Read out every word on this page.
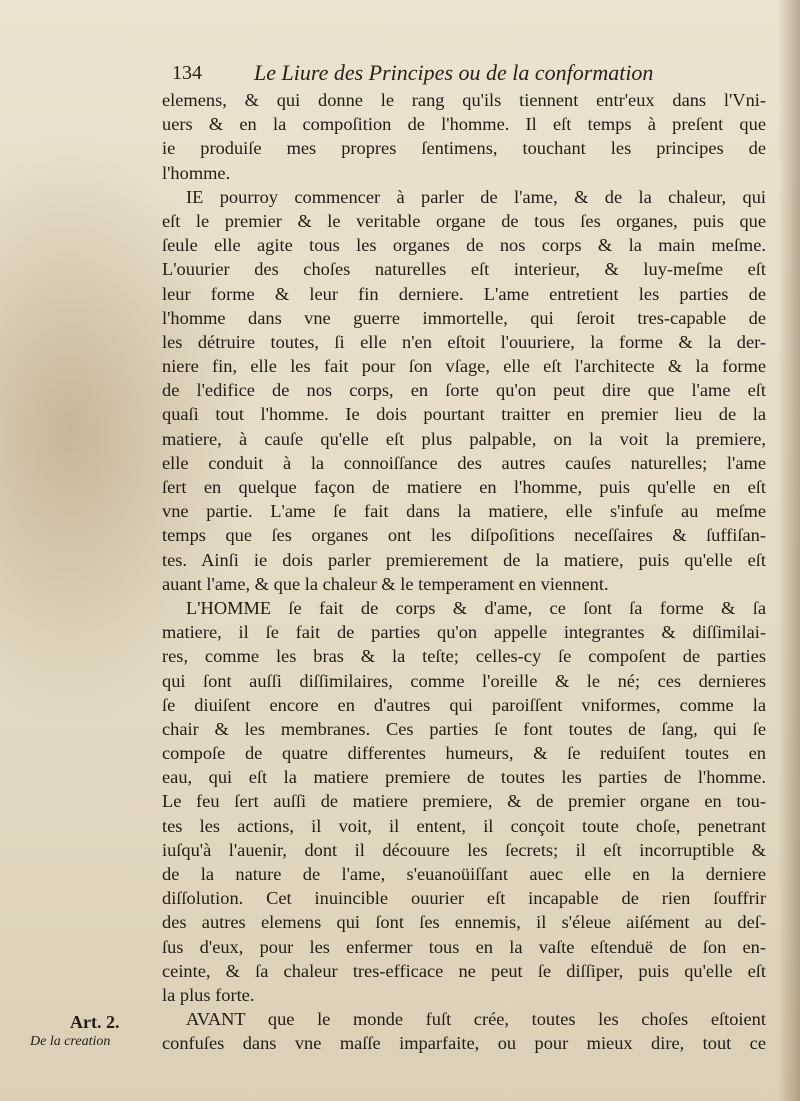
134 Le Liure des Principes ou de la conformation
elemens, & qui donne le rang qu'ils tiennent entr'eux dans l'Vni-
uers & en la compoſition de l'homme. Il eſt temps à preſent que
ie produiſe mes propres ſentimens, touchant les principes de
l'homme.
IE pourroy commencer à parler de l'ame, & de la chaleur, qui
eſt le premier & le veritable organe de tous ſes organes, puis que
ſeule elle agite tous les organes de nos corps & la main meſme.
L'ouurier des choſes naturelles eſt interieur, & luy-meſme eſt
leur forme & leur fin derniere. L'ame entretient les parties de
l'homme dans vne guerre immortelle, qui ſeroit tres-capable de
les détruire toutes, ſi elle n'en eſtoit l'ouuriere, la forme & la der-
niere fin, elle les fait pour ſon vſage, elle eſt l'architecte & la forme
de l'edifice de nos corps, en ſorte qu'on peut dire que l'ame eſt
quaſi tout l'homme. Ie dois pourtant traitter en premier lieu de la
matiere, à cauſe qu'elle eſt plus palpable, on la voit la premiere,
elle conduit à la connoiſſance des autres cauſes naturelles; l'ame
ſert en quelque façon de matiere en l'homme, puis qu'elle en eſt
vne partie. L'ame ſe fait dans la matiere, elle s'infuſe au meſme
temps que ſes organes ont les diſpoſitions neceſſaires & ſuffiſan-
tes. Ainſi ie dois parler premierement de la matiere, puis qu'elle eſt
auant l'ame, & que la chaleur & le temperament en viennent.
L'HOMME ſe fait de corps & d'ame, ce ſont ſa forme & ſa
matiere, il ſe fait de parties qu'on appelle integrantes & diſſimilai-
res, comme les bras & la teſte; celles-cy ſe compoſent de parties
qui ſont auſſi diſſimilaires, comme l'oreille & le né; ces dernieres
ſe diuiſent encore en d'autres qui paroiſſent vniformes, comme la
chair & les membranes. Ces parties ſe font toutes de ſang, qui ſe
compoſe de quatre differentes humeurs, & ſe reduiſent toutes en
eau, qui eſt la matiere premiere de toutes les parties de l'homme.
Le feu ſert auſſi de matiere premiere, & de premier organe en tou-
tes les actions, il voit, il entent, il conçoit toute choſe, penetrant
iuſqu'à l'auenir, dont il découure les ſecrets; il eſt incorruptible &
de la nature de l'ame, s'euanoüiſſant auec elle en la derniere
diſſolution. Cet inuincible ouurier eſt incapable de rien ſouffrir
des autres elemens qui ſont ſes ennemis, il s'éleue aiſément au deſ-
ſus d'eux, pour les enfermer tous en la vaſte eſtenduë de ſon en-
ceinte, & ſa chaleur tres-efficace ne peut ſe diſſiper, puis qu'elle eſt
la plus forte.
AVANT que le monde fuſt crée, toutes les choſes eſtoient
confuſes dans vne maſſe imparfaite, ou pour mieux dire, tout ce
Art. 2.
De la creation
